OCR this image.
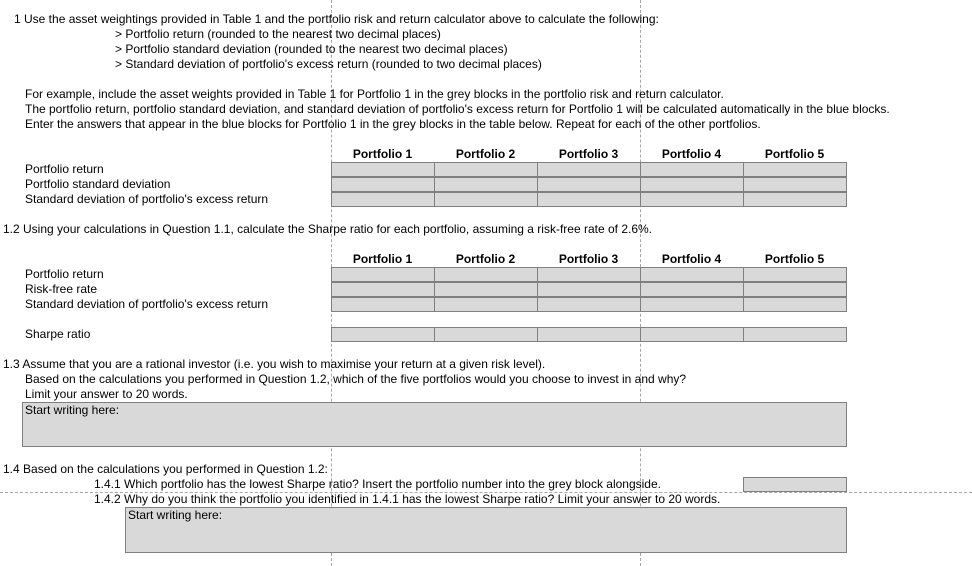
1 Use the asset weightings provided in Table 1 and the portfolio risk and return calculator above to calculate the following:
> Portfolio return (rounded to the nearest two decimal places)
> Portfolio standard deviation (rounded to the nearest two decimal places)
> Standard deviation of portfolio's excess return (rounded to two decimal places)
For example, include the asset weights provided in Table 1 for Portfolio 1 in the grey blocks in the portfolio risk and return calculator.
The portfolio return, portfolio standard deviation, and standard deviation of portfolio's excess return for Portfolio 1 will be calculated automatically in the blue blocks.
Enter the answers that appear in the blue blocks for Portfolio 1 in the grey blocks in the table below. Repeat for each of the other portfolios.
Portfolio 1	Portfolio 2	Portfolio 3	Portfolio 4	Portfolio 5
Portfolio return
Portfolio standard deviation
Standard deviation of portfolio's excess return
1.2 Using your calculations in Question 1.1, calculate the Sharpe ratio for each portfolio, assuming a risk-free rate of 2.6%.
Portfolio 1	Portfolio 2	Portfolio 3	Portfolio 4	Portfolio 5
Portfolio return
Risk-free rate
Standard deviation of portfolio's excess return
Sharpe ratio
1.3 Assume that you are a rational investor (i.e. you wish to maximise your return at a given risk level).
Based on the calculations you performed in Question 1.2, which of the five portfolios would you choose to invest in and why?
Limit your answer to 20 words.
Start writing here:
1.4 Based on the calculations you performed in Question 1.2:
1.4.1 Which portfolio has the lowest Sharpe ratio? Insert the portfolio number into the grey block alongside.
1.4.2 Why do you think the portfolio you identified in 1.4.1 has the lowest Sharpe ratio? Limit your answer to 20 words.
Start writing here:
